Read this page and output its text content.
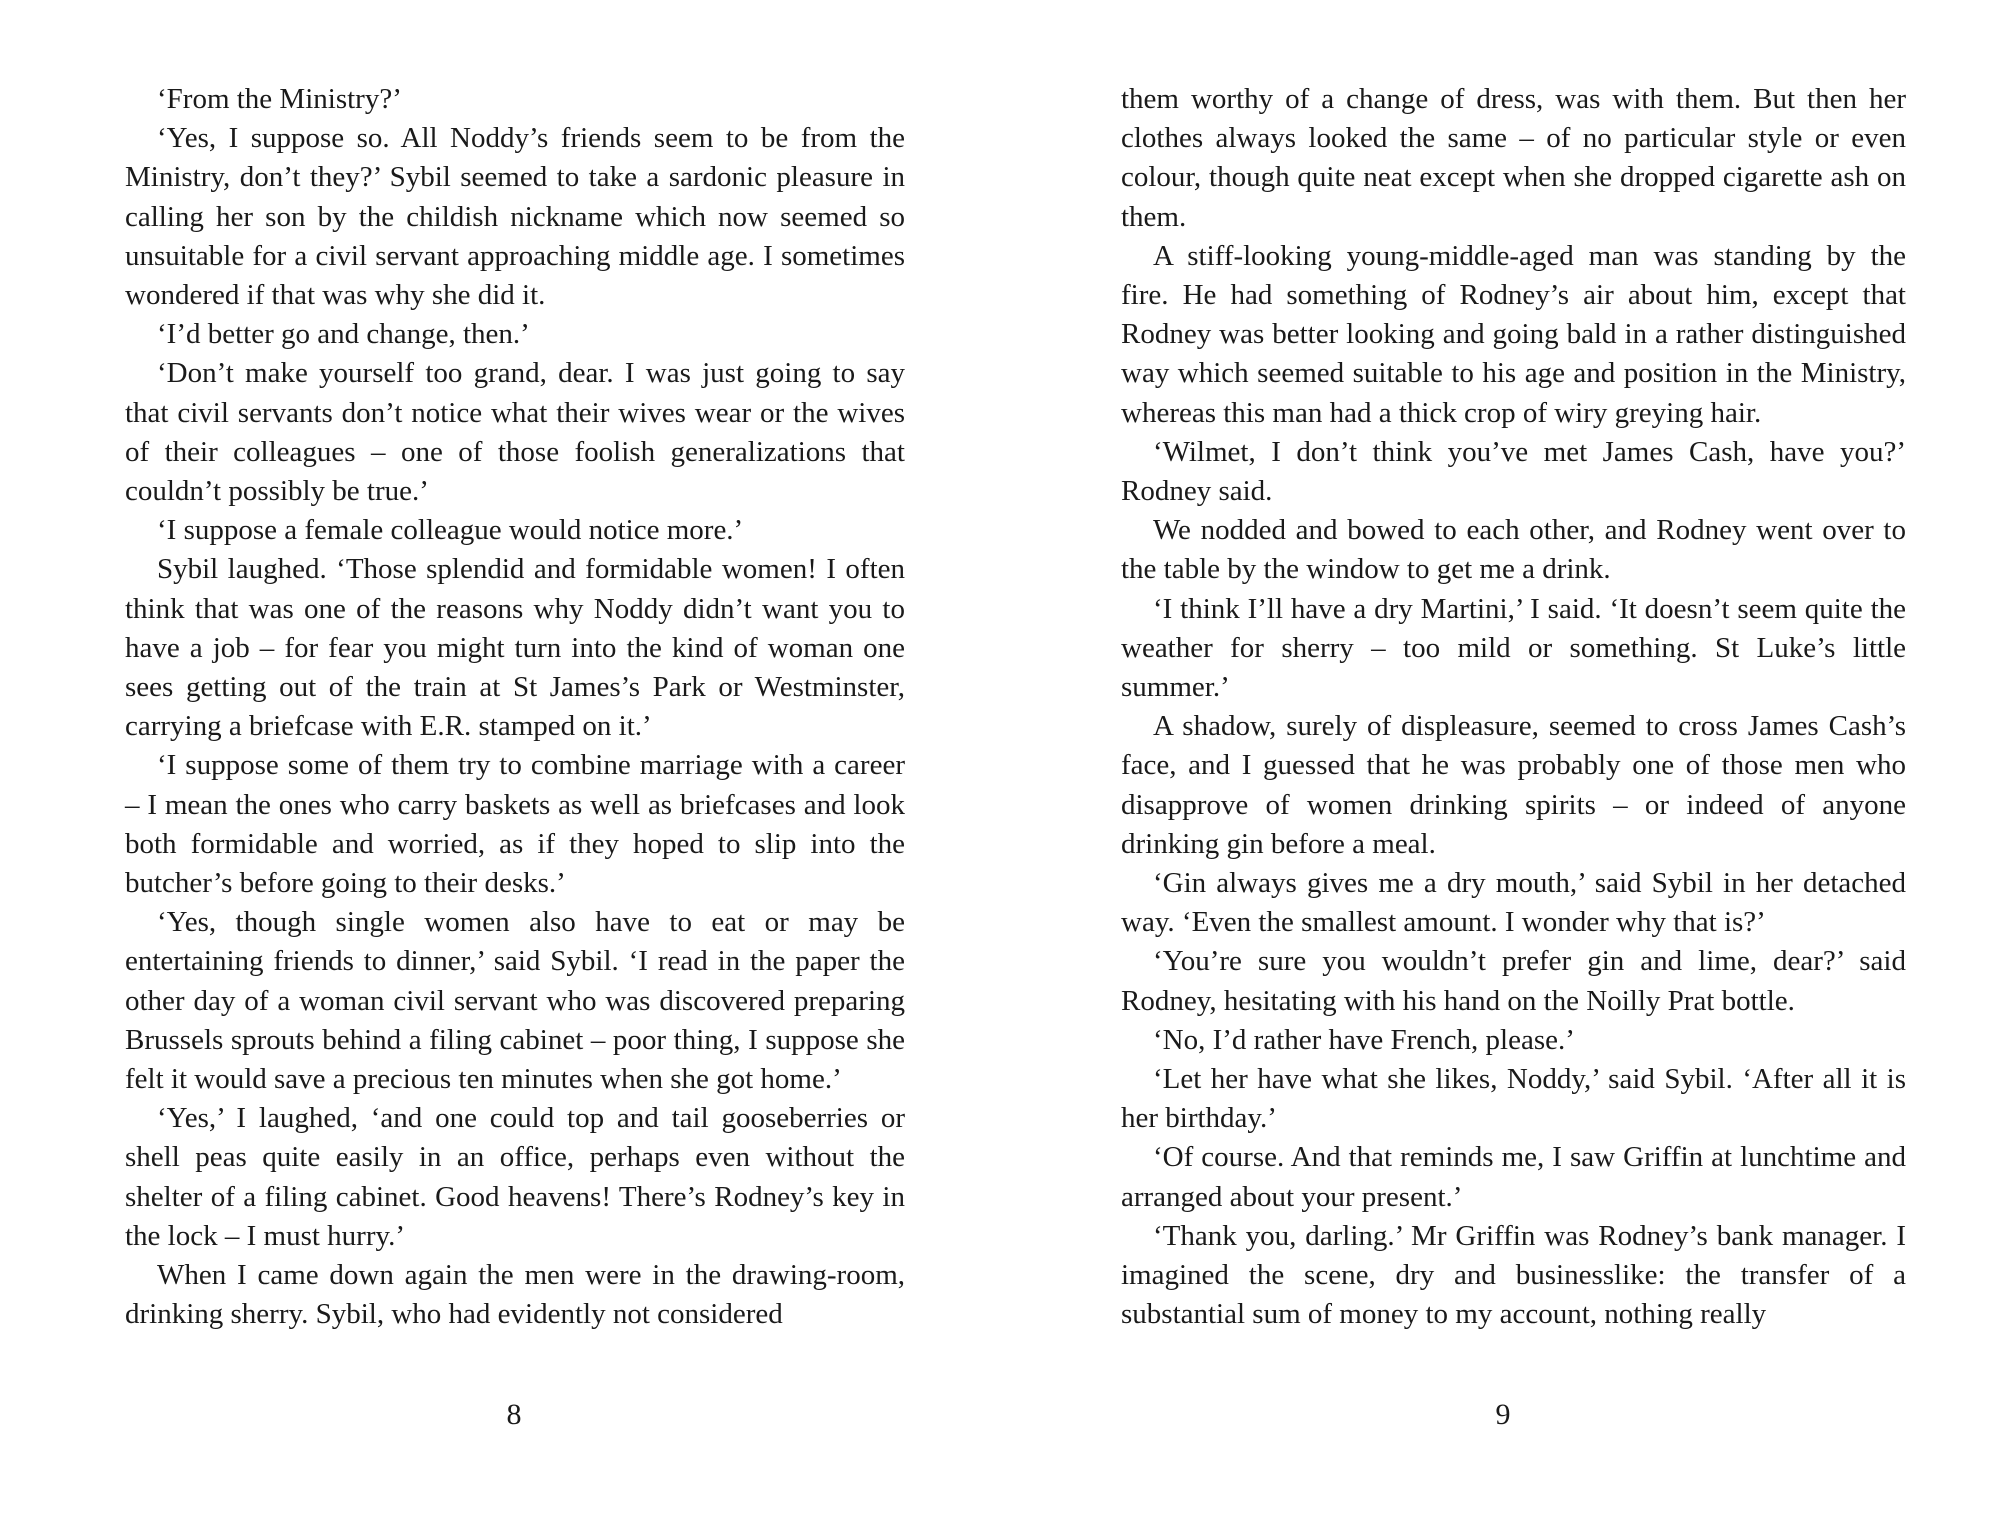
‘From the Ministry?’

‘Yes, I suppose so. All Noddy’s friends seem to be from the Ministry, don’t they?’ Sybil seemed to take a sardonic pleasure in calling her son by the childish nickname which now seemed so unsuitable for a civil servant approaching middle age. I sometimes wondered if that was why she did it.

‘I’d better go and change, then.’

‘Don’t make yourself too grand, dear. I was just going to say that civil servants don’t notice what their wives wear or the wives of their colleagues – one of those foolish generalizations that couldn’t possibly be true.’

‘I suppose a female colleague would notice more.’

Sybil laughed. ‘Those splendid and formidable women! I often think that was one of the reasons why Noddy didn’t want you to have a job – for fear you might turn into the kind of woman one sees getting out of the train at St James’s Park or Westminster, carrying a briefcase with E.R. stamped on it.’

‘I suppose some of them try to combine marriage with a career – I mean the ones who carry baskets as well as briefcases and look both formidable and worried, as if they hoped to slip into the butcher’s before going to their desks.’

‘Yes, though single women also have to eat or may be entertaining friends to dinner,’ said Sybil. ‘I read in the paper the other day of a woman civil servant who was discovered preparing Brussels sprouts behind a filing cabinet – poor thing, I suppose she felt it would save a precious ten minutes when she got home.’

‘Yes,’ I laughed, ‘and one could top and tail gooseberries or shell peas quite easily in an office, perhaps even without the shelter of a filing cabinet. Good heavens! There’s Rodney’s key in the lock – I must hurry.’

When I came down again the men were in the drawing-room, drinking sherry. Sybil, who had evidently not considered

them worthy of a change of dress, was with them. But then her clothes always looked the same – of no particular style or even colour, though quite neat except when she dropped cigarette ash on them.

A stiff-looking young-middle-aged man was standing by the fire. He had something of Rodney’s air about him, except that Rodney was better looking and going bald in a rather distinguished way which seemed suitable to his age and position in the Ministry, whereas this man had a thick crop of wiry greying hair.

‘Wilmet, I don’t think you’ve met James Cash, have you?’ Rodney said.

We nodded and bowed to each other, and Rodney went over to the table by the window to get me a drink.

‘I think I’ll have a dry Martini,’ I said. ‘It doesn’t seem quite the weather for sherry – too mild or something. St Luke’s little summer.’

A shadow, surely of displeasure, seemed to cross James Cash’s face, and I guessed that he was probably one of those men who disapprove of women drinking spirits – or indeed of anyone drinking gin before a meal.

‘Gin always gives me a dry mouth,’ said Sybil in her detached way. ‘Even the smallest amount. I wonder why that is?’

‘You’re sure you wouldn’t prefer gin and lime, dear?’ said Rodney, hesitating with his hand on the Noilly Prat bottle.

‘No, I’d rather have French, please.’

‘Let her have what she likes, Noddy,’ said Sybil. ‘After all it is her birthday.’

‘Of course. And that reminds me, I saw Griffin at lunchtime and arranged about your present.’

‘Thank you, darling.’ Mr Griffin was Rodney’s bank manager. I imagined the scene, dry and businesslike: the transfer of a substantial sum of money to my account, nothing really

8	9
